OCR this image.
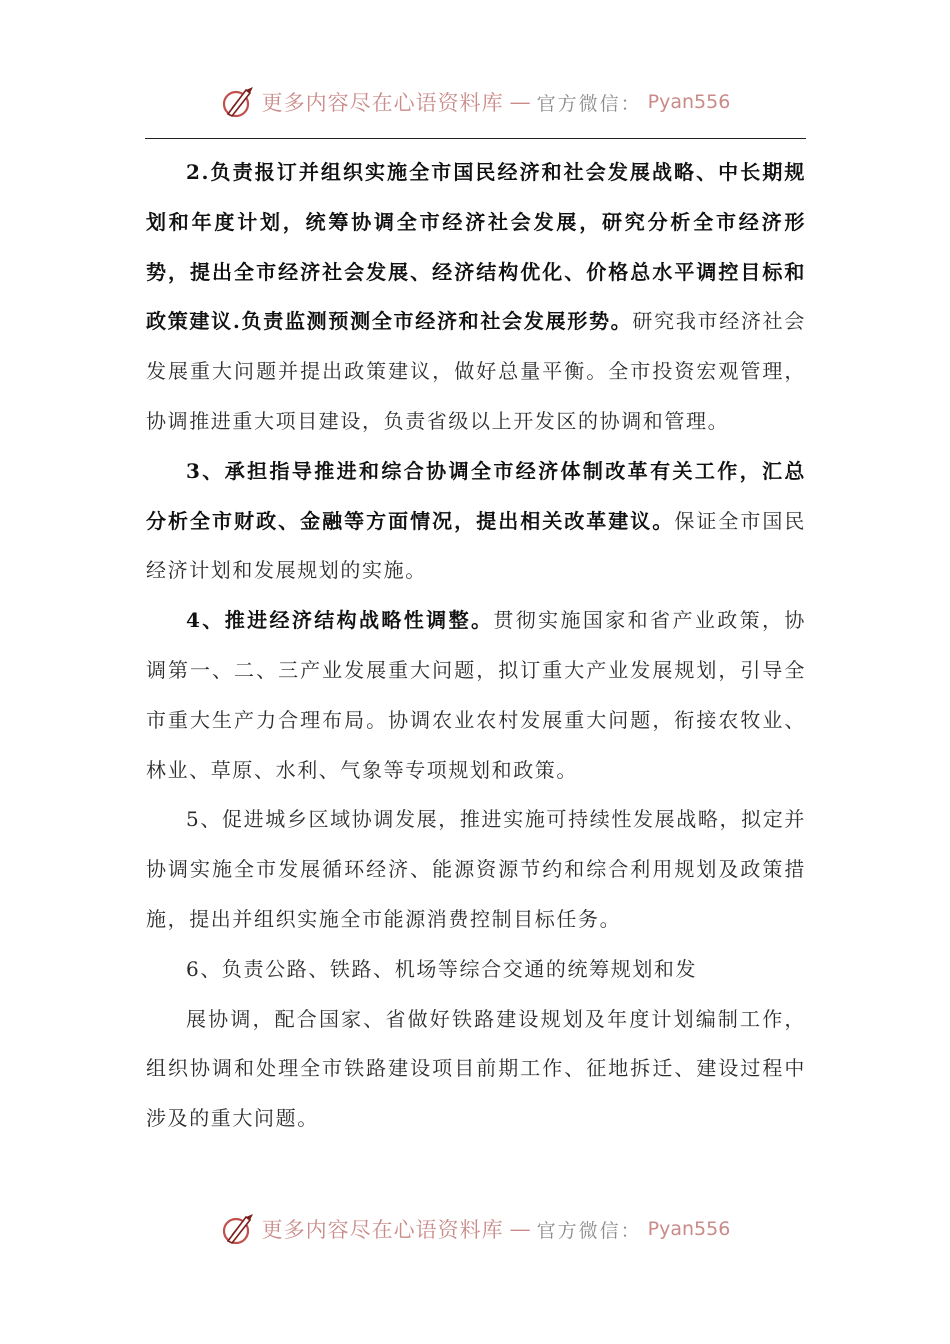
更多内容尽在心语资料库 — 官方微信： Pyan556

2.负责报订并组织实施全市国民经济和社会发展战略、中长期规划和年度计划，统筹协调全市经济社会发展，研究分析全市经济形势，提出全市经济社会发展、经济结构优化、价格总水平调控目标和政策建议.负责监测预测全市经济和社会发展形势。研究我市经济社会发展重大问题并提出政策建议，做好总量平衡。全市投资宏观管理，协调推进重大项目建设，负责省级以上开发区的协调和管理。

3、承担指导推进和综合协调全市经济体制改革有关工作，汇总分析全市财政、金融等方面情况，提出相关改革建议。保证全市国民经济计划和发展规划的实施。

4、推进经济结构战略性调整。贯彻实施国家和省产业政策，协调第一、二、三产业发展重大问题，拟订重大产业发展规划，引导全市重大生产力合理布局。协调农业农村发展重大问题，衔接农牧业、林业、草原、水利、气象等专项规划和政策。

5、促进城乡区域协调发展，推进实施可持续性发展战略，拟定并协调实施全市发展循环经济、能源资源节约和综合利用规划及政策措施，提出并组织实施全市能源消费控制目标任务。

6、负责公路、铁路、机场等综合交通的统筹规划和发

展协调，配合国家、省做好铁路建设规划及年度计划编制工作，组织协调和处理全市铁路建设项目前期工作、征地拆迁、建设过程中涉及的重大问题。

更多内容尽在心语资料库 — 官方微信： Pyan556
